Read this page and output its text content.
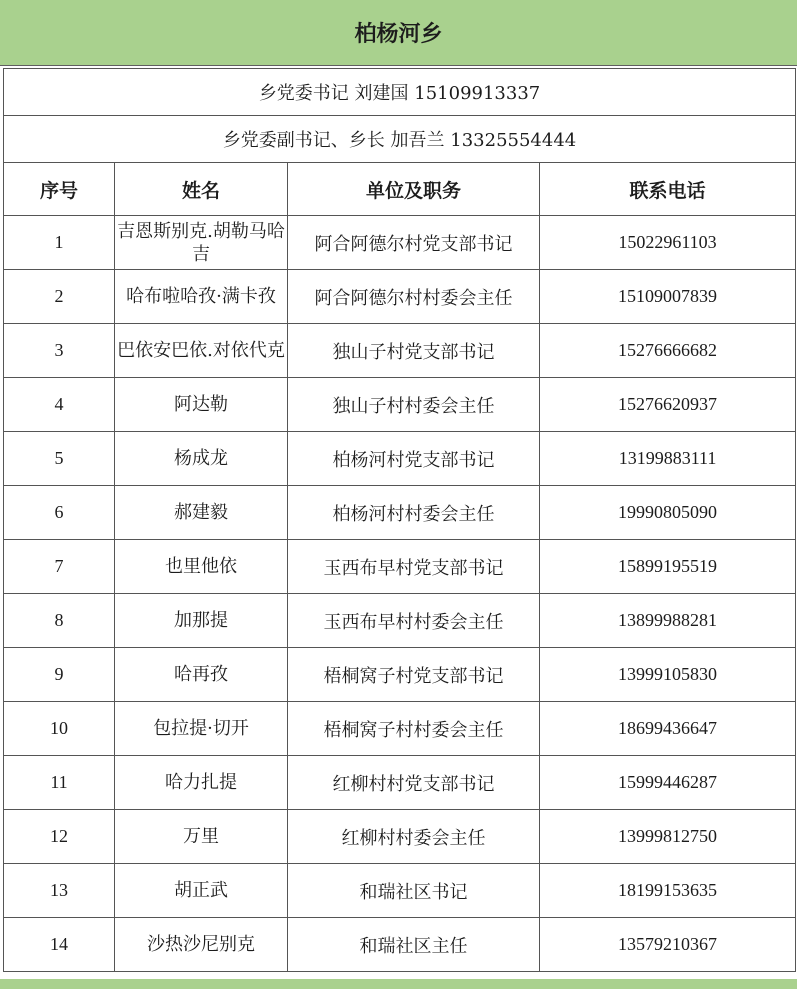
柏杨河乡
乡党委书记 刘建国 15109913337			
乡党委副书记、乡长 加吾兰 13325554444			
序号	姓名	单位及职务	联系电话
1	吉恩斯别克.胡勒马哈吉	阿合阿德尔村党支部书记	15022961103
2	哈布啦哈孜·满卡孜	阿合阿德尔村村委会主任	15109007839
3	巴依安巴依.对依代克	独山子村党支部书记	15276666682
4	阿达勒	独山子村村委会主任	15276620937
5	杨成龙	柏杨河村党支部书记	13199883111
6	郝建毅	柏杨河村村委会主任	19990805090
7	也里他依	玉西布早村党支部书记	15899195519
8	加那提	玉西布早村村委会主任	13899988281
9	哈再孜	梧桐窝子村党支部书记	13999105830
10	包拉提·切开	梧桐窝子村村委会主任	18699436647
11	哈力扎提	红柳村村党支部书记	15999446287
12	万里	红柳村村委会主任	13999812750
13	胡正武	和瑞社区书记	18199153635
14	沙热沙尼别克	和瑞社区主任	13579210367
